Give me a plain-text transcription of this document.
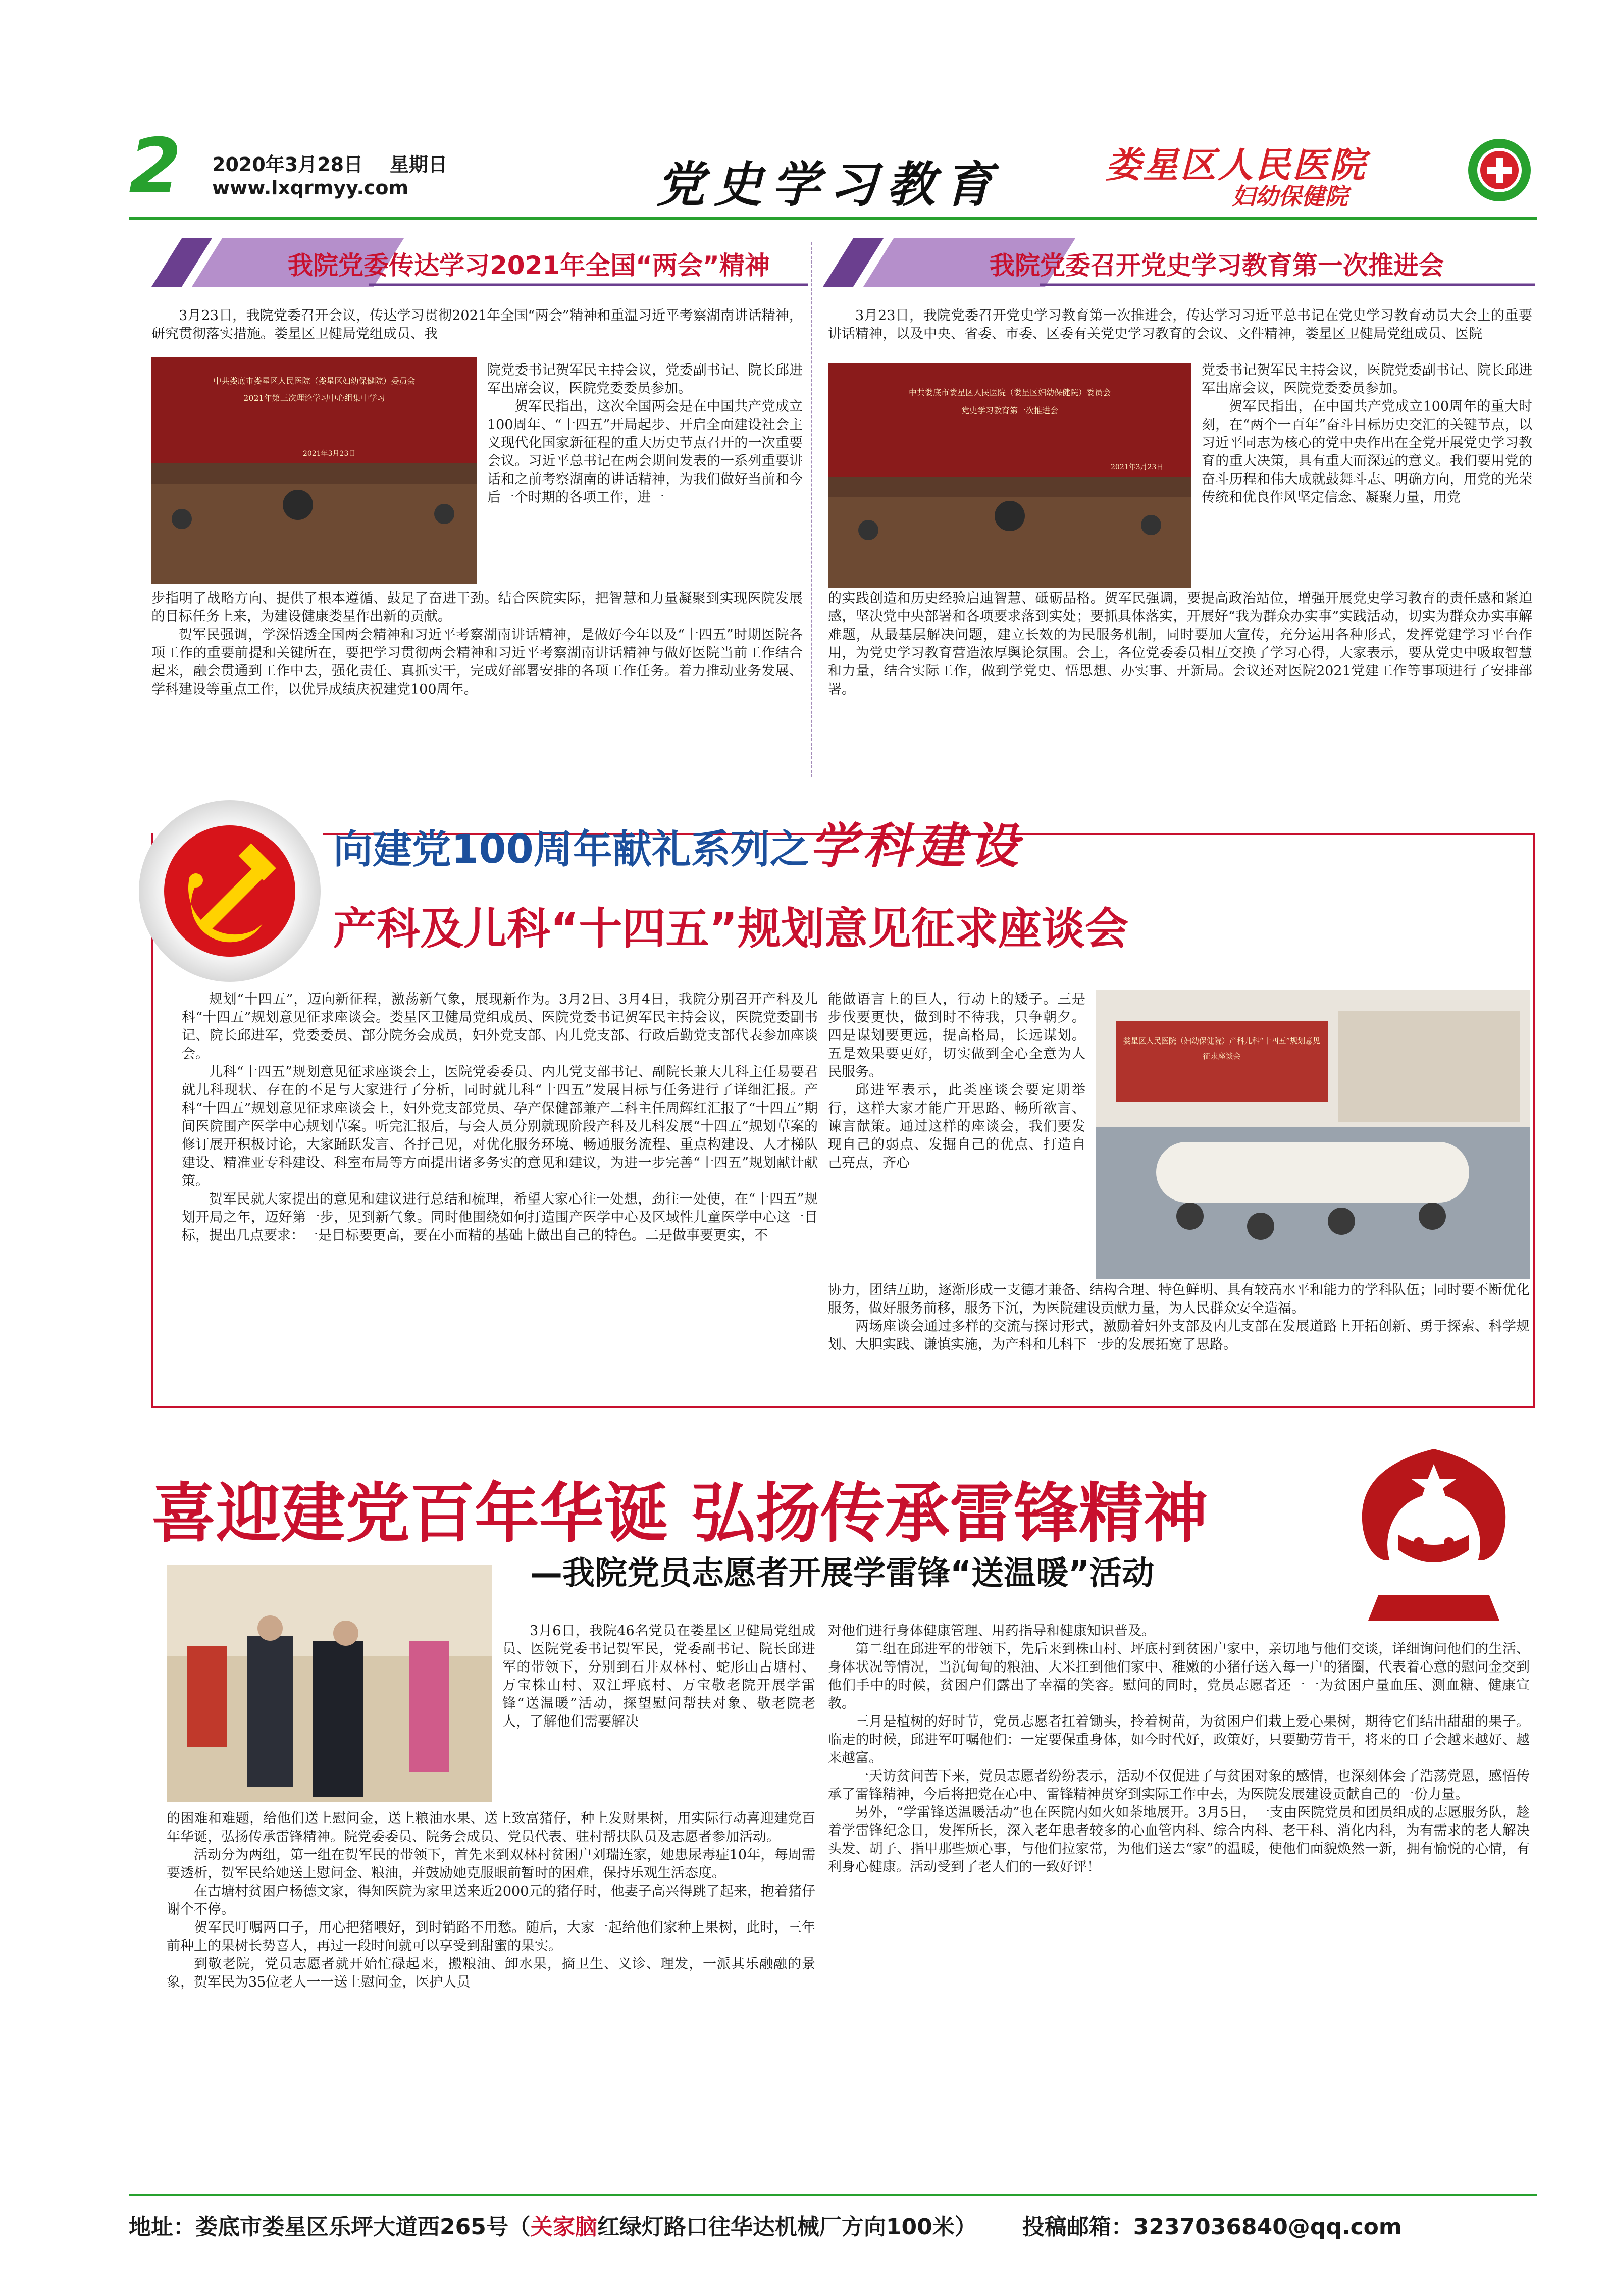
2 2020年3月28日 星期日
www.lxqrmyy.com	党史学习教育	娄星区人民医院
妇幼保健院
我院党委传达学习2021年全国“两会”精神
中共娄底市娄星区人民医院（娄星区妇幼保健院）委员会
2021年第三次理论学习中心组集中学习
2021年3月23日

3月23日，我院党委召开会议，传达学习贯彻2021年全国“两会”精神和重温习近平考察湖南讲话精神，研究贯彻落实措施。娄星区卫健局党组成员、我

院党委书记贺军民主持会议，党委副书记、院长邱进军出席会议，医院党委委员参加。

贺军民指出，这次全国两会是在中国共产党成立100周年、“十四五”开局起步、开启全面建设社会主义现代化国家新征程的重大历史节点召开的一次重要会议。习近平总书记在两会期间发表的一系列重要讲话和之前考察湖南的讲话精神，为我们做好当前和今后一个时期的各项工作，进一

步指明了战略方向、提供了根本遵循、鼓足了奋进干劲。结合医院实际，把智慧和力量凝聚到实现医院发展的目标任务上来，为建设健康娄星作出新的贡献。

贺军民强调，学深悟透全国两会精神和习近平考察湖南讲话精神，是做好今年以及“十四五”时期医院各项工作的重要前提和关键所在，要把学习贯彻两会精神和习近平考察湖南讲话精神与做好医院当前工作结合起来，融会贯通到工作中去，强化责任、真抓实干，完成好部署安排的各项工作任务。着力推动业务发展、学科建设等重点工作，以优异成绩庆祝建党100周年。

我院党委召开党史学习教育第一次推进会

3月23日，我院党委召开党史学习教育第一次推进会，传达学习习近平总书记在党史学习教育动员大会上的重要讲话精神，以及中央、省委、市委、区委有关党史学习教育的会议、文件精神，娄星区卫健局党组成员、医院

中共娄底市娄星区人民医院（娄星区妇幼保健院）委员会
党史学习教育第一次推进会
2021年3月23日

党委书记贺军民主持会议，医院党委副书记、院长邱进军出席会议，医院党委委员参加。

贺军民指出，在中国共产党成立100周年的重大时刻，在“两个一百年”奋斗目标历史交汇的关键节点，以习近平同志为核心的党中央作出在全党开展党史学习教育的重大决策，具有重大而深远的意义。我们要用党的奋斗历程和伟大成就鼓舞斗志、明确方向，用党的光荣传统和优良作风坚定信念、凝聚力量，用党

的实践创造和历史经验启迪智慧、砥砺品格。贺军民强调，要提高政治站位，增强开展党史学习教育的责任感和紧迫感，坚决党中央部署和各项要求落到实处；要抓具体落实，开展好“我为群众办实事”实践活动，切实为群众办实事解难题，从最基层解决问题，建立长效的为民服务机制，同时要加大宣传，充分运用各种形式，发挥党建学习平台作用，为党史学习教育营造浓厚舆论氛围。会上，各位党委委员相互交换了学习心得，大家表示，要从党史中吸取智慧和力量，结合实际工作，做到学党史、悟思想、办实事、开新局。会议还对医院2021党建工作等事项进行了安排部署。

向建党100周年献礼系列之学科建设
产科及儿科“十四五”规划意见征求座谈会

规划“十四五”，迈向新征程，激荡新气象，展现新作为。3月2日、3月4日，我院分别召开产科及儿科“十四五”规划意见征求座谈会。娄星区卫健局党组成员、医院党委书记贺军民主持会议，医院党委副书记、院长邱进军，党委委员、部分院务会成员，妇外党支部、内儿党支部、行政后勤党支部代表参加座谈会。

儿科“十四五”规划意见征求座谈会上，医院党委委员、内儿党支部书记、副院长兼大儿科主任易要君就儿科现状、存在的不足与大家进行了分析，同时就儿科“十四五”发展目标与任务进行了详细汇报。产科“十四五”规划意见征求座谈会上，妇外党支部党员、孕产保健部兼产二科主任周辉红汇报了“十四五”期间医院围产医学中心规划草案。听完汇报后，与会人员分别就现阶段产科及儿科发展“十四五”规划草案的修订展开积极讨论，大家踊跃发言、各抒己见，对优化服务环境、畅通服务流程、重点构建设、人才梯队建设、精准亚专科建设、科室布局等方面提出诸多务实的意见和建议，为进一步完善“十四五”规划献计献策。

贺军民就大家提出的意见和建议进行总结和梳理，希望大家心往一处想，劲往一处使，在“十四五”规划开局之年，迈好第一步，见到新气象。同时他围绕如何打造围产医学中心及区域性儿童医学中心这一目标，提出几点要求：一是目标要更高，要在小而精的基础上做出自己的特色。二是做事要更实，不

能做语言上的巨人，行动上的矮子。三是步伐要更快，做到时不待我，只争朝夕。四是谋划要更远，提高格局，长远谋划。五是效果要更好，切实做到全心全意为人民服务。

邱进军表示，此类座谈会要定期举行，这样大家才能广开思路、畅所欲言、谏言献策。通过这样的座谈会，我们要发现自己的弱点、发掘自己的优点、打造自己亮点，齐心

娄星区人民医院（妇幼保健院）产科儿科“十四五”规划意见征求座谈会

协力，团结互助，逐渐形成一支德才兼备、结构合理、特色鲜明、具有较高水平和能力的学科队伍；同时要不断优化服务，做好服务前移，服务下沉，为医院建设贡献力量，为人民群众安全造福。

两场座谈会通过多样的交流与探讨形式，激励着妇外支部及内儿支部在发展道路上开拓创新、勇于探索、科学规划、大胆实践、谦慎实施，为产科和儿科下一步的发展拓宽了思路。

喜迎建党百年华诞 弘扬传承雷锋精神
—我院党员志愿者开展学雷锋“送温暖”活动

3月6日，我院46名党员在娄星区卫健局党组成员、医院党委书记贺军民，党委副书记、院长邱进军的带领下，分别到石井双林村、蛇形山古塘村、万宝株山村、双江坪底村、万宝敬老院开展学雷锋“送温暖”活动，探望慰问帮扶对象、敬老院老人，了解他们需要解决

的困难和难题，给他们送上慰问金，送上粮油水果、送上致富猪仔，种上发财果树，用实际行动喜迎建党百年华诞，弘扬传承雷锋精神。院党委委员、院务会成员、党员代表、驻村帮扶队员及志愿者参加活动。

活动分为两组，第一组在贺军民的带领下，首先来到双林村贫困户刘瑞连家，她患尿毒症10年，每周需要透析，贺军民给她送上慰问金、粮油，并鼓励她克服眼前暂时的困难，保持乐观生活态度。

在古塘村贫困户杨德文家，得知医院为家里送来近2000元的猪仔时，他妻子高兴得跳了起来，抱着猪仔谢个不停。

贺军民叮嘱两口子，用心把猪喂好，到时销路不用愁。随后，大家一起给他们家种上果树，此时，三年前种上的果树长势喜人，再过一段时间就可以享受到甜蜜的果实。

到敬老院，党员志愿者就开始忙碌起来，搬粮油、卸水果，摘卫生、义诊、理发，一派其乐融融的景象，贺军民为35位老人一一送上慰问金，医护人员

对他们进行身体健康管理、用药指导和健康知识普及。

第二组在邱进军的带领下，先后来到株山村、坪底村到贫困户家中，亲切地与他们交谈，详细询问他们的生活、身体状况等情况，当沉甸甸的粮油、大米扛到他们家中、稚嫩的小猪仔送入每一户的猪圈，代表着心意的慰问金交到他们手中的时候，贫困户们露出了幸福的笑容。慰问的同时，党员志愿者还一一为贫困户量血压、测血糖、健康宣教。

三月是植树的好时节，党员志愿者扛着锄头，拎着树苗，为贫困户们栽上爱心果树，期待它们结出甜甜的果子。临走的时候，邱进军叮嘱他们：一定要保重身体，如今时代好，政策好，只要勤劳肯干，将来的日子会越来越好、越来越富。

一天访贫问苦下来，党员志愿者纷纷表示，活动不仅促进了与贫困对象的感情，也深刻体会了浩荡党恩，感悟传承了雷锋精神，今后将把党在心中、雷锋精神贯穿到实际工作中去，为医院发展建设贡献自己的一份力量。

另外，“学雷锋送温暖活动”也在医院内如火如荼地展开。3月5日，一支由医院党员和团员组成的志愿服务队，趁着学雷锋纪念日，发挥所长，深入老年患者较多的心血管内科、综合内科、老干科、消化内科，为有需求的老人解决头发、胡子、指甲那些烦心事，与他们拉家常，为他们送去“家”的温暖，使他们面貌焕然一新，拥有愉悦的心情，有利身心健康。活动受到了老人们的一致好评！

地址：娄底市娄星区乐坪大道西265号（关家脑红绿灯路口往华达机械厂方向100米） 投稿邮箱：3237036840@qq.com
